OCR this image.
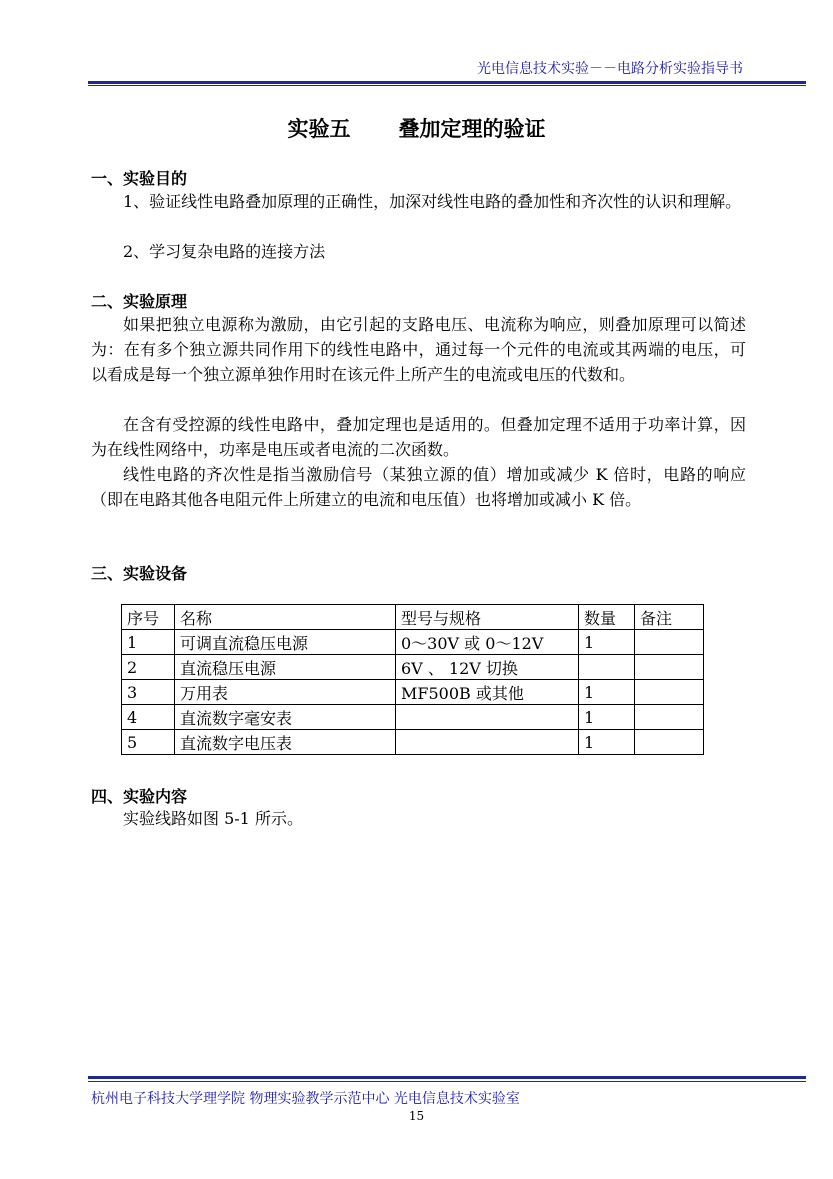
光电信息技术实验－－电路分析实验指导书
实验五 叠加定理的验证
一、实验目的
1、验证线性电路叠加原理的正确性，加深对线性电路的叠加性和齐次性的认识和理解。
2、学习复杂电路的连接方法
二、实验原理
如果把独立电源称为激励，由它引起的支路电压、电流称为响应，则叠加原理可以简述为：在有多个独立源共同作用下的线性电路中，通过每一个元件的电流或其两端的电压，可以看成是每一个独立源单独作用时在该元件上所产生的电流或电压的代数和。
在含有受控源的线性电路中，叠加定理也是适用的。但叠加定理不适用于功率计算，因为在线性网络中，功率是电压或者电流的二次函数。
线性电路的齐次性是指当激励信号（某独立源的值）增加或减少 K 倍时，电路的响应（即在电路其他各电阻元件上所建立的电流和电压值）也将增加或减小 K 倍。
三、实验设备
序号	名称	型号与规格	数量	备注
1	可调直流稳压电源	0～30V 或 0～12V	1	
2	直流稳压电源	6V 、 12V 切换		
3	万用表	MF500B 或其他	1	
4	直流数字毫安表		1	
5	直流数字电压表		1	
四、实验内容
实验线路如图 5-1 所示。
杭州电子科技大学理学院 物理实验教学示范中心 光电信息技术实验室
15
